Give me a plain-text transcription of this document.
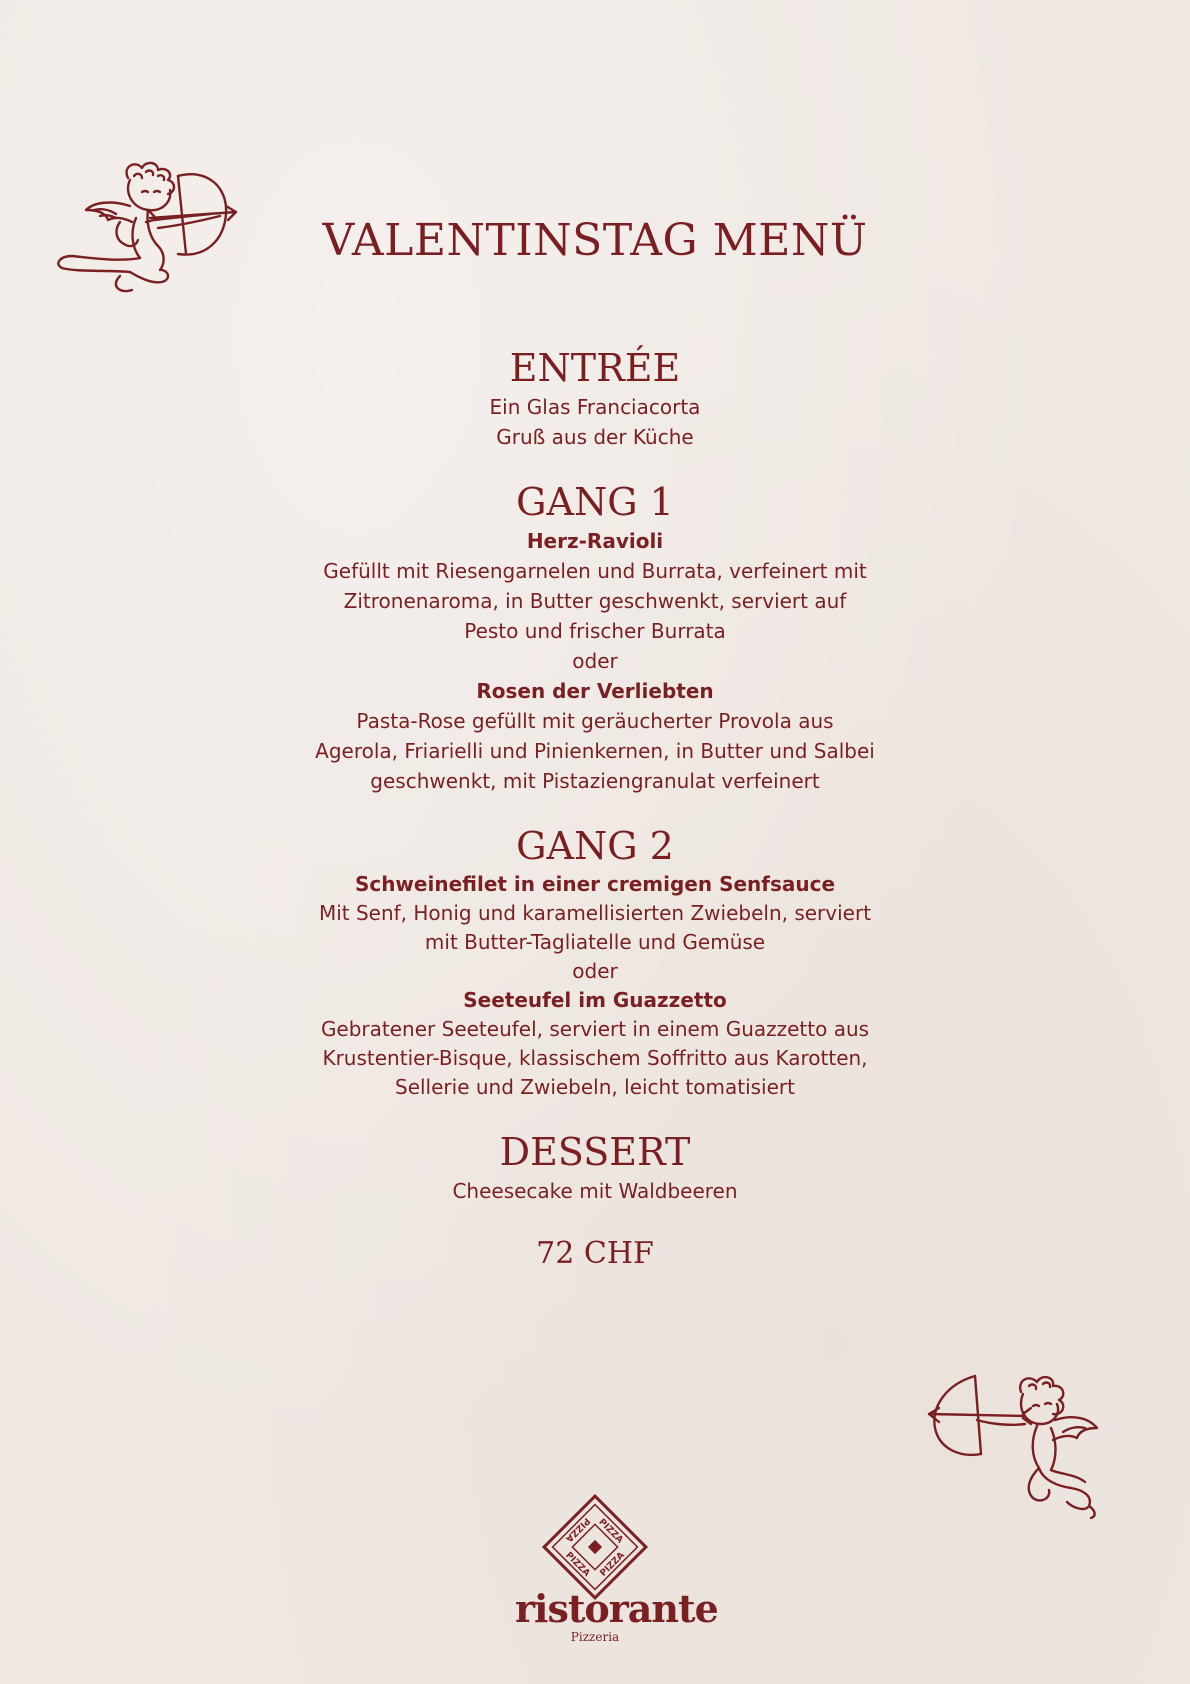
VALENTINSTAG MENÜ
ENTRÉE

Ein Glas Franciacorta

Gruß aus der Küche

GANG 1

Herz-Ravioli

Gefüllt mit Riesengarnelen und Burrata, verfeinert mit

Zitronenaroma, in Butter geschwenkt, serviert auf

Pesto und frischer Burrata

oder

Rosen der Verliebten

Pasta-Rose gefüllt mit geräucherter Provola aus

Agerola, Friarielli und Pinienkernen, in Butter und Salbei

geschwenkt, mit Pistaziengranulat verfeinert

GANG 2

Schweinefilet in einer cremigen Senfsauce

Mit Senf, Honig und karamellisierten Zwiebeln, serviert

mit Butter-Tagliatelle und Gemüse

oder

Seeteufel im Guazzetto

Gebratener Seeteufel, serviert in einem Guazzetto aus

Krustentier-Bisque, klassischem Soffritto aus Karotten,

Sellerie und Zwiebeln, leicht tomatisiert

DESSERT

Cheesecake mit Waldbeeren

72 CHF
PIZZA
PIZZA
PIZZA
PIZZA
ristorante
Pizzeria
